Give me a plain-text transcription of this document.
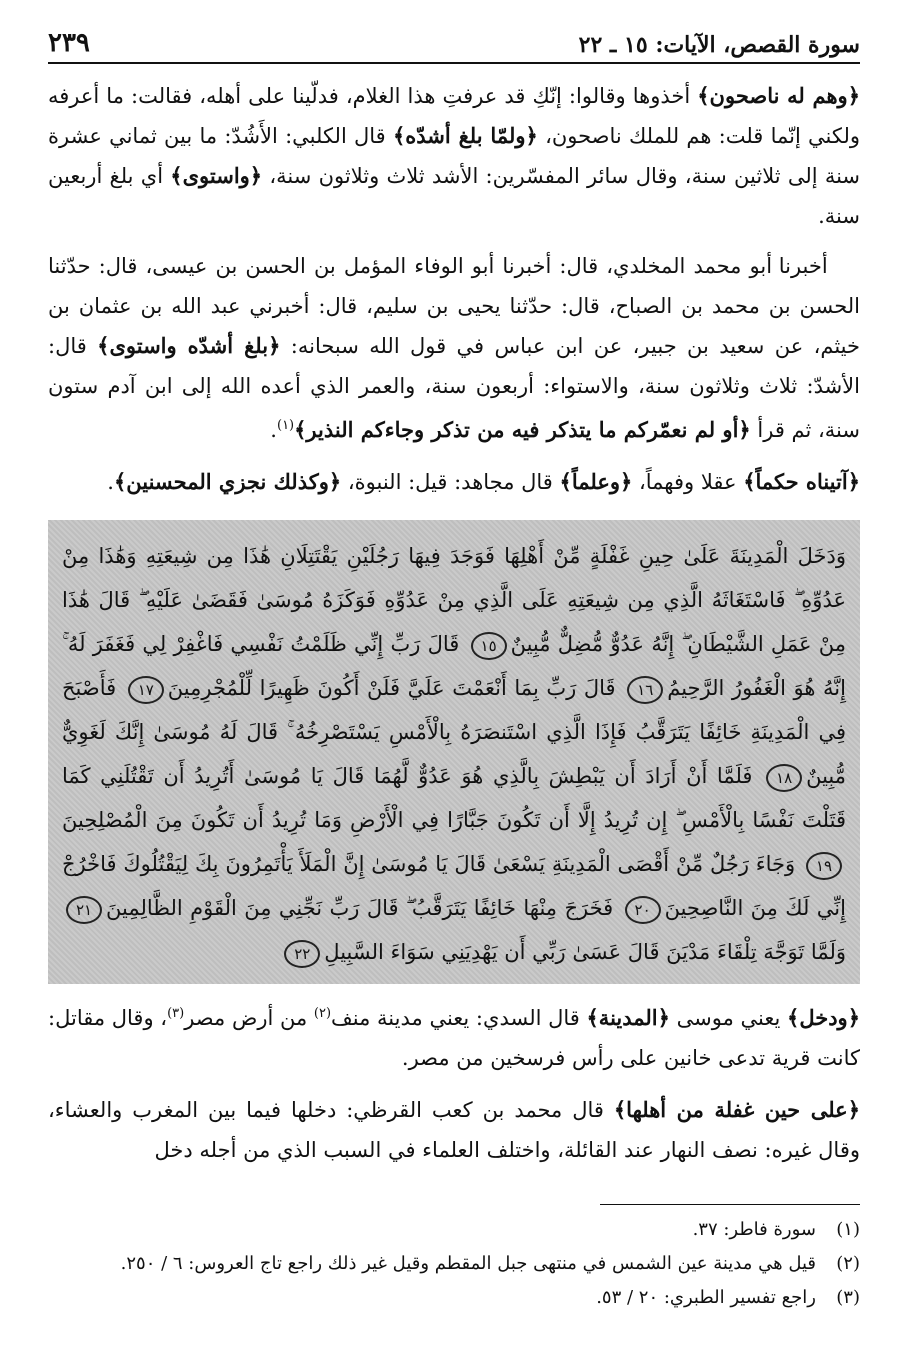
سورة القصص، الآيات: ١٥ ـ ٢٢
٢٣٩

﴿وهم له ناصحون﴾ أخذوها وقالوا: إنّكِ قد عرفتِ هذا الغلام، فدلّينا على أهله، فقالت: ما أعرفه ولكني إنّما قلت: هم للملك ناصحون، ﴿ولمّا بلغ أشدّه﴾ قال الكلبي: الأَشُدّ: ما بين ثماني عشرة سنة إلى ثلاثين سنة، وقال سائر المفسّرين: الأشد ثلاث وثلاثون سنة، ﴿واستوى﴾ أي بلغ أربعين سنة.

أخبرنا أبو محمد المخلدي، قال: أخبرنا أبو الوفاء المؤمل بن الحسن بن عيسى، قال: حدّثنا الحسن بن محمد بن الصباح، قال: حدّثنا يحيى بن سليم، قال: أخبرني عبد الله بن عثمان بن خيثم، عن سعيد بن جبير، عن ابن عباس في قول الله سبحانه: ﴿بلغ أشدّه واستوى﴾ قال: الأشدّ: ثلاث وثلاثون سنة، والاستواء: أربعون سنة، والعمر الذي أعده الله إلى ابن آدم ستون سنة، ثم قرأ ﴿أو لم نعمّركم ما يتذكر فيه من تذكر وجاءكم النذير﴾$^{(١)}$.

﴿آتيناه حكماً﴾ عقلا وفهماً، ﴿وعلماً﴾ قال مجاهد: قيل: النبوة، ﴿وكذلك نجزي المحسنين﴾.

وَدَخَلَ الْمَدِينَةَ عَلَىٰ حِينِ غَفْلَةٍ مِّنْ أَهْلِهَا فَوَجَدَ فِيهَا رَجُلَيْنِ يَقْتَتِلَانِ هَٰذَا مِن شِيعَتِهِ وَهَٰذَا مِنْ عَدُوِّهِ ۖ فَاسْتَغَاثَهُ الَّذِي مِن شِيعَتِهِ عَلَى الَّذِي مِنْ عَدُوِّهِ فَوَكَزَهُ مُوسَىٰ فَقَضَىٰ عَلَيْهِ ۖ قَالَ هَٰذَا مِنْ عَمَلِ الشَّيْطَانِ ۖ إِنَّهُ عَدُوٌّ مُّضِلٌّ مُّبِينٌ١٥ قَالَ رَبِّ إِنِّي ظَلَمْتُ نَفْسِي فَاغْفِرْ لِي فَغَفَرَ لَهُ ۚ إِنَّهُ هُوَ الْغَفُورُ الرَّحِيمُ١٦ قَالَ رَبِّ بِمَا أَنْعَمْتَ عَلَيَّ فَلَنْ أَكُونَ ظَهِيرًا لِّلْمُجْرِمِينَ١٧ فَأَصْبَحَ فِي الْمَدِينَةِ خَائِفًا يَتَرَقَّبُ فَإِذَا الَّذِي اسْتَنصَرَهُ بِالْأَمْسِ يَسْتَصْرِخُهُ ۚ قَالَ لَهُ مُوسَىٰ إِنَّكَ لَغَوِيٌّ مُّبِينٌ١٨ فَلَمَّا أَنْ أَرَادَ أَن يَبْطِشَ بِالَّذِي هُوَ عَدُوٌّ لَّهُمَا قَالَ يَا مُوسَىٰ أَتُرِيدُ أَن تَقْتُلَنِي كَمَا قَتَلْتَ نَفْسًا بِالْأَمْسِ ۖ إِن تُرِيدُ إِلَّا أَن تَكُونَ جَبَّارًا فِي الْأَرْضِ وَمَا تُرِيدُ أَن تَكُونَ مِنَ الْمُصْلِحِينَ١٩ وَجَاءَ رَجُلٌ مِّنْ أَقْصَى الْمَدِينَةِ يَسْعَىٰ قَالَ يَا مُوسَىٰ إِنَّ الْمَلَأَ يَأْتَمِرُونَ بِكَ لِيَقْتُلُوكَ فَاخْرُجْ إِنِّي لَكَ مِنَ النَّاصِحِينَ٢٠ فَخَرَجَ مِنْهَا خَائِفًا يَتَرَقَّبُ ۖ قَالَ رَبِّ نَجِّنِي مِنَ الْقَوْمِ الظَّالِمِينَ٢١ وَلَمَّا تَوَجَّهَ تِلْقَاءَ مَدْيَنَ قَالَ عَسَىٰ رَبِّي أَن يَهْدِيَنِي سَوَاءَ السَّبِيلِ٢٢

﴿ودخل﴾ يعني موسى ﴿المدينة﴾ قال السدي: يعني مدينة منف$^{(٢)}$ من أرض مصر$^{(٣)}$، وقال مقاتل: كانت قرية تدعى خانين على رأس فرسخين من مصر.

﴿على حين غفلة من أهلها﴾ قال محمد بن كعب القرظي: دخلها فيما بين المغرب والعشاء، وقال غيره: نصف النهار عند القائلة، واختلف العلماء في السبب الذي من أجله دخل

(١)
سورة فاطر: ٣٧.
(٢)
قيل هي مدينة عين الشمس في منتهى جبل المقطم وقيل غير ذلك راجع تاج العروس: ٦ / ٢٥٠.
(٣)
راجع تفسير الطبري: ٢٠ / ٥٣.
